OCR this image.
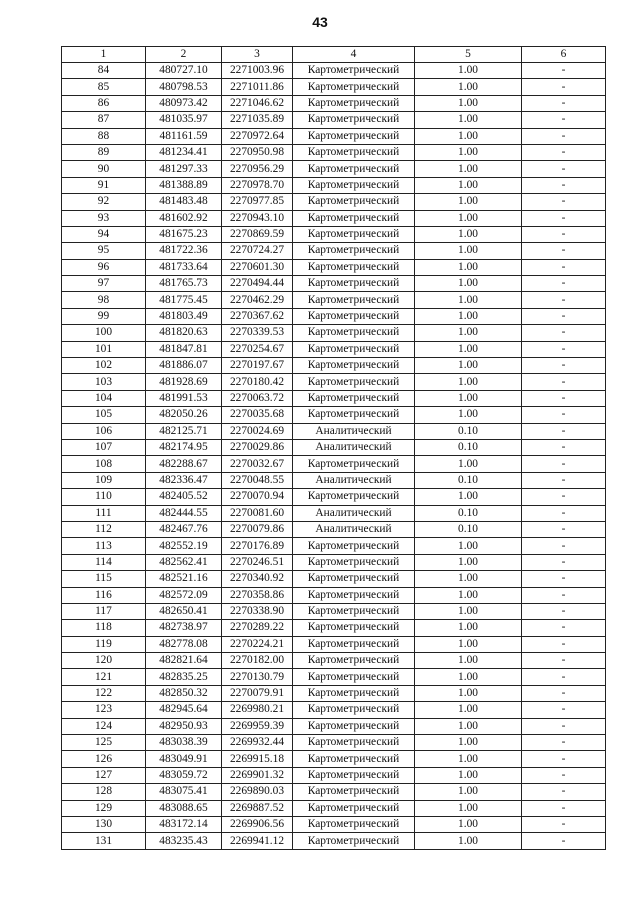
43
1	2	3	4	5	6
84	480727.10	2271003.96	Картометрический	1.00	-
85	480798.53	2271011.86	Картометрический	1.00	-
86	480973.42	2271046.62	Картометрический	1.00	-
87	481035.97	2271035.89	Картометрический	1.00	-
88	481161.59	2270972.64	Картометрический	1.00	-
89	481234.41	2270950.98	Картометрический	1.00	-
90	481297.33	2270956.29	Картометрический	1.00	-
91	481388.89	2270978.70	Картометрический	1.00	-
92	481483.48	2270977.85	Картометрический	1.00	-
93	481602.92	2270943.10	Картометрический	1.00	-
94	481675.23	2270869.59	Картометрический	1.00	-
95	481722.36	2270724.27	Картометрический	1.00	-
96	481733.64	2270601.30	Картометрический	1.00	-
97	481765.73	2270494.44	Картометрический	1.00	-
98	481775.45	2270462.29	Картометрический	1.00	-
99	481803.49	2270367.62	Картометрический	1.00	-
100	481820.63	2270339.53	Картометрический	1.00	-
101	481847.81	2270254.67	Картометрический	1.00	-
102	481886.07	2270197.67	Картометрический	1.00	-
103	481928.69	2270180.42	Картометрический	1.00	-
104	481991.53	2270063.72	Картометрический	1.00	-
105	482050.26	2270035.68	Картометрический	1.00	-
106	482125.71	2270024.69	Аналитический	0.10	-
107	482174.95	2270029.86	Аналитический	0.10	-
108	482288.67	2270032.67	Картометрический	1.00	-
109	482336.47	2270048.55	Аналитический	0.10	-
110	482405.52	2270070.94	Картометрический	1.00	-
111	482444.55	2270081.60	Аналитический	0.10	-
112	482467.76	2270079.86	Аналитический	0.10	-
113	482552.19	2270176.89	Картометрический	1.00	-
114	482562.41	2270246.51	Картометрический	1.00	-
115	482521.16	2270340.92	Картометрический	1.00	-
116	482572.09	2270358.86	Картометрический	1.00	-
117	482650.41	2270338.90	Картометрический	1.00	-
118	482738.97	2270289.22	Картометрический	1.00	-
119	482778.08	2270224.21	Картометрический	1.00	-
120	482821.64	2270182.00	Картометрический	1.00	-
121	482835.25	2270130.79	Картометрический	1.00	-
122	482850.32	2270079.91	Картометрический	1.00	-
123	482945.64	2269980.21	Картометрический	1.00	-
124	482950.93	2269959.39	Картометрический	1.00	-
125	483038.39	2269932.44	Картометрический	1.00	-
126	483049.91	2269915.18	Картометрический	1.00	-
127	483059.72	2269901.32	Картометрический	1.00	-
128	483075.41	2269890.03	Картометрический	1.00	-
129	483088.65	2269887.52	Картометрический	1.00	-
130	483172.14	2269906.56	Картометрический	1.00	-
131	483235.43	2269941.12	Картометрический	1.00	-
